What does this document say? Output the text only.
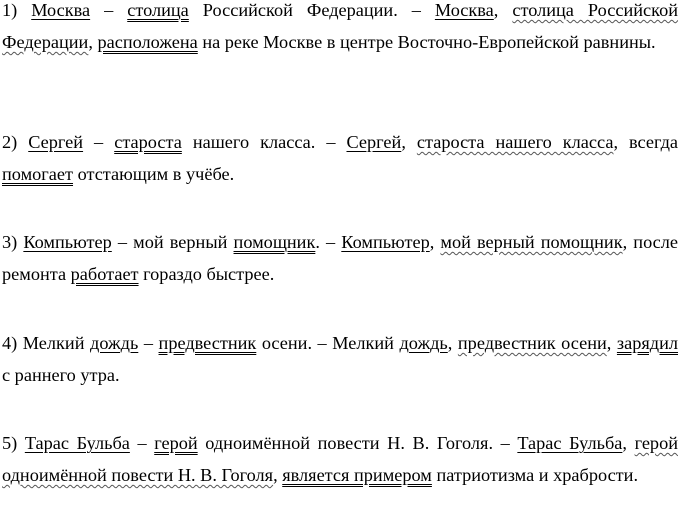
1) Москва – столица Российской Федерации. – Москва, столица Российской Федерации, расположена на реке Москве в центре Восточно-Европейской равнины.

2) Сергей – староста нашего класса. – Сергей, староста нашего класса, всегда помогает отстающим в учёбе.

3) Компьютер – мой верный помощник. – Компьютер, мой верный помощник, после ремонта работает гораздо быстрее.

4) Мелкий дождь – предвестник осени. – Мелкий дождь, предвестник осени, зарядил с раннего утра.

5) Тарас Бульба – герой одноимённой повести Н. В. Гоголя. – Тарас Бульба, герой одноимённой повести Н. В. Гоголя, является примером патриотизма и храбрости.
